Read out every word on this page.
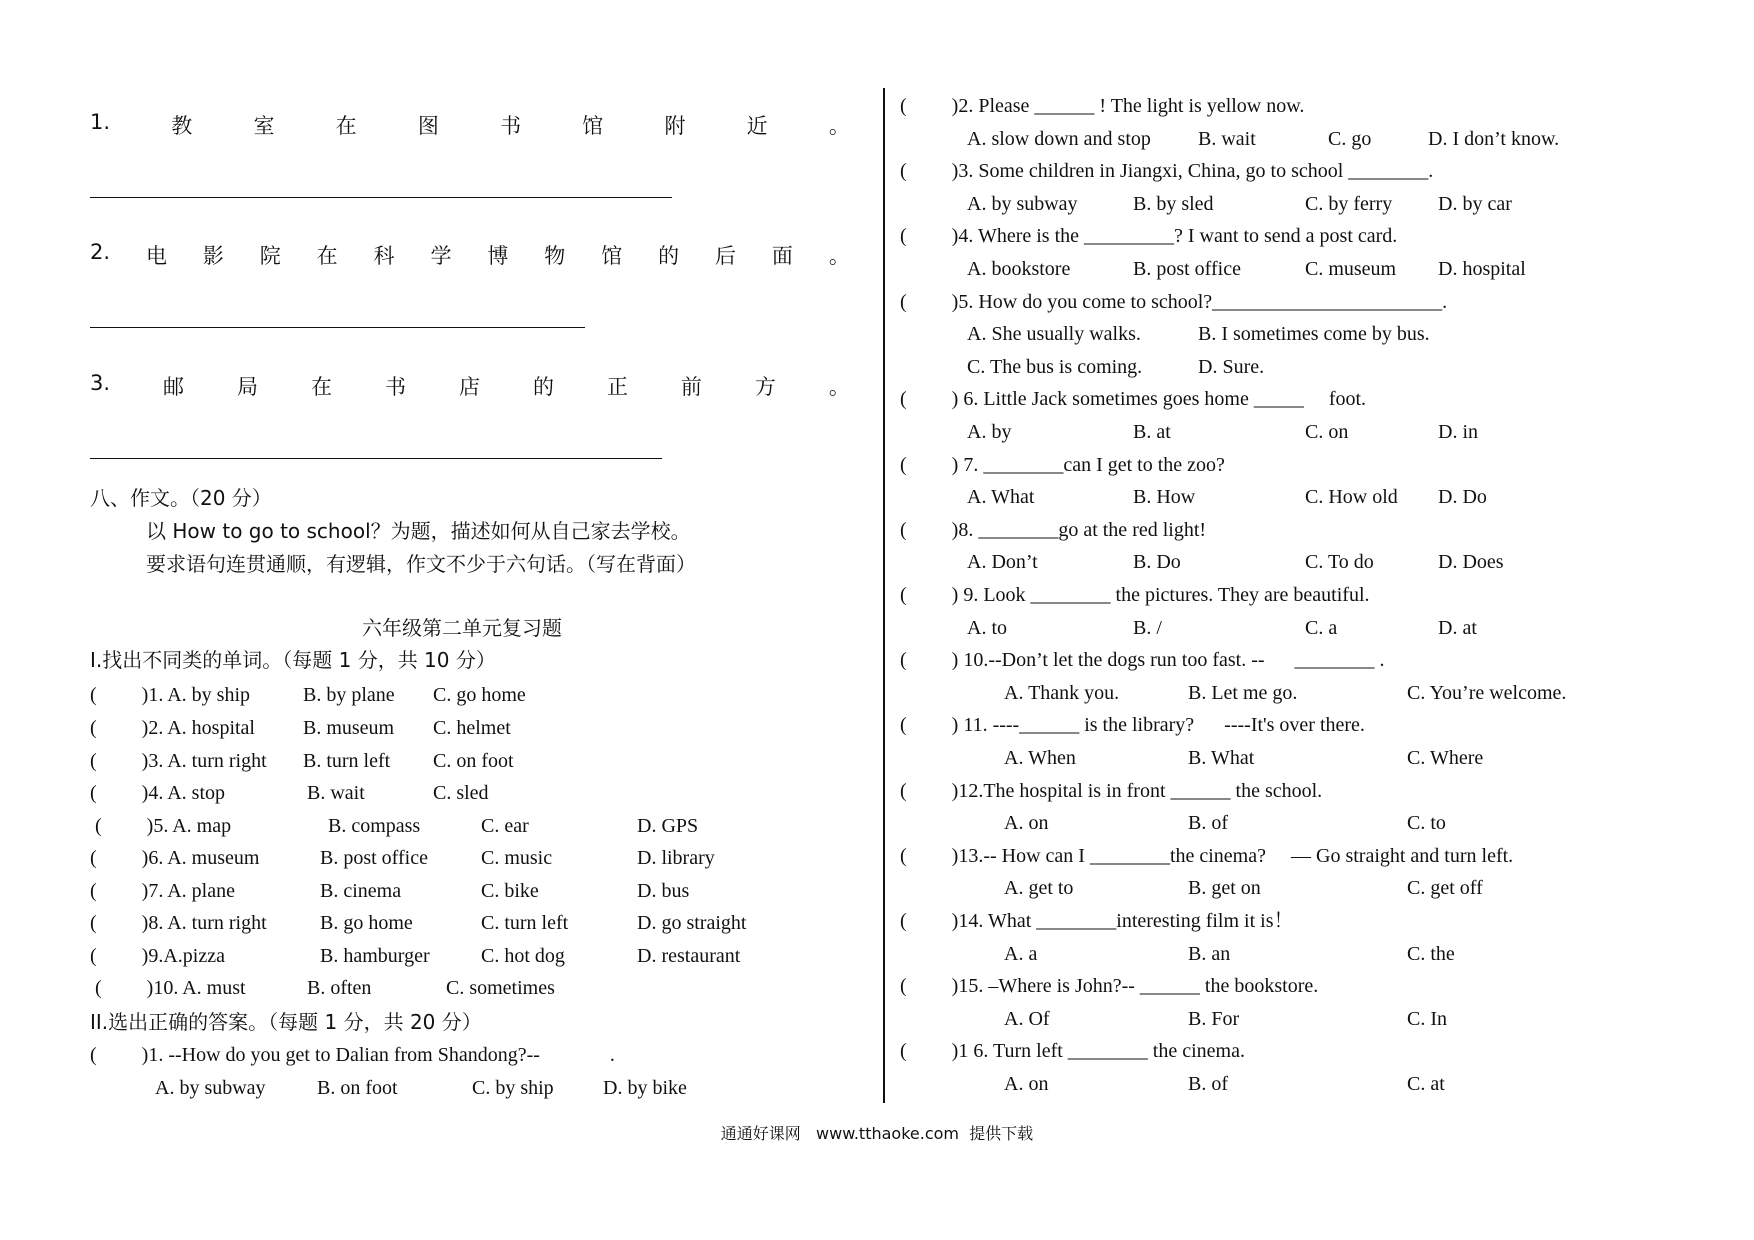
1.	教	室	在	图	书	馆	附	近	。
2. 电 影 院 在 科 学 博 物 馆 的 后 面 。
3.	邮	局	在	书	店	的	正	前	方	。
八、作文。（20 分）
以 How to go to school？为题，描述如何从自己家去学校。
要求语句连贯通顺，有逻辑，作文不少于六句话。（写在背面）
六年级第二单元复习题
I.找出不同类的单词。（每题 1 分，共 10 分）
(         )1. A. by ship	B. by plane C. go home
(         )2. A. hospital B. museum C. helmet
(         )3. A. turn right B. turn left C. on foot
(         )4. A. stop	B. wait	C. sled
(         )5. A. map	B. compass	C. ear	D. GPS
(         )6. A. museum	B. post office	C. music	D. library
(         )7. A. plane	B. cinema	C. bike	D. bus
(         )8. A. turn right	B. go home	C. turn left	D. go straight
(         )9.A.pizza	B. hamburger	C. hot dog	D. restaurant
(         )10. A. must	B. often	C. sometimes
II.选出正确的答案。（每题 1 分，共 20 分）
(         )1. --How do you get to Dalian from Shandong?--              .
A. by subway	B. on foot	C. by ship D. by bike
(         )2. Please ______ ! The light is yellow now.
A. slow down and stop B. wait	C. go	D. I don’t know.
(         )3. Some children in Jiangxi, China, go to school ________.
A. by subway	B. by sled	C. by ferry D. by car
(         )4. Where is the _________? I want to send a post card.
A. bookstore	B. post office	C. museum D. hospital
(         )5. How do you come to school?_______________________.
A. She usually walks.	B. I sometimes come by bus.
C. The bus is coming.	D. Sure.
(         ) 6. Little Jack sometimes goes home _____     foot.
A. by	B. at	C. on	D. in
(         ) 7. ________can I get to the zoo?
A. What	B. How	C. How old D. Do
(         )8. ________go at the red light!
A. Don’t	B. Do	C. To do	D. Does
(         ) 9. Look ________ the pictures. They are beautiful.
A. to	B. /	C. a	D. at
(         ) 10.--Don’t let the dogs run too fast. --      ________ .
A. Thank you.	B. Let me go.	C. You’re welcome.
(         ) 11. ----______ is the library?      ----It's over there.
A. When	B. What	C. Where
(         )12.The hospital is in front ______ the school.
A. on	B. of	C. to
(         )13.-- How can I ________the cinema?     — Go straight and turn left.
A. get to	B. get on	C. get off
(         )14. What ________interesting film it is！
A. a	B. an	C. the
(         )15. –Where is John?-- ______ the bookstore.
A. Of	B. For	C. In
(         )1 6. Turn left ________ the cinema.
A. on	B. of	C. at
通通好课网   www.tthaoke.com  提供下载
